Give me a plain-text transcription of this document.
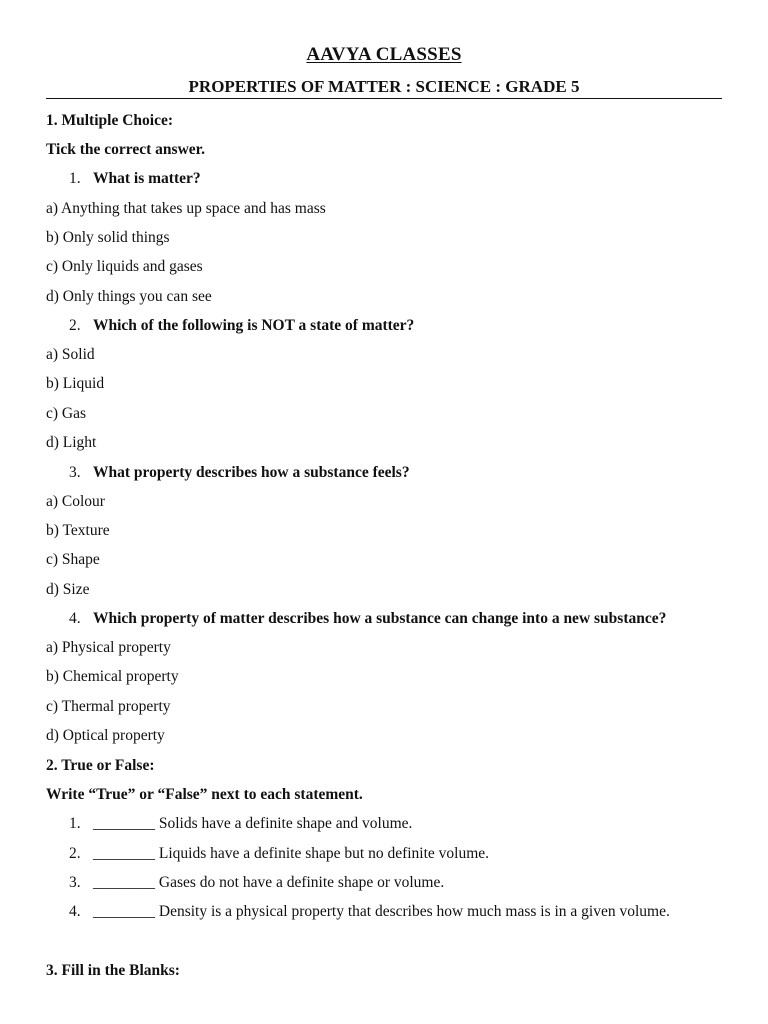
AAVYA CLASSES
PROPERTIES OF MATTER : SCIENCE : GRADE 5
1. Multiple Choice:
Tick the correct answer.
1. What is matter?
a) Anything that takes up space and has mass
b) Only solid things
c) Only liquids and gases
d) Only things you can see
2. Which of the following is NOT a state of matter?
a) Solid
b) Liquid
c) Gas
d) Light
3. What property describes how a substance feels?
a) Colour
b) Texture
c) Shape
d) Size
4. Which property of matter describes how a substance can change into a new substance?
a) Physical property
b) Chemical property
c) Thermal property
d) Optical property
2. True or False:
Write “True” or “False” next to each statement.
1. ________ Solids have a definite shape and volume.
2. ________ Liquids have a definite shape but no definite volume.
3. ________ Gases do not have a definite shape or volume.
4. ________ Density is a physical property that describes how much mass is in a given volume.
3. Fill in the Blanks:
